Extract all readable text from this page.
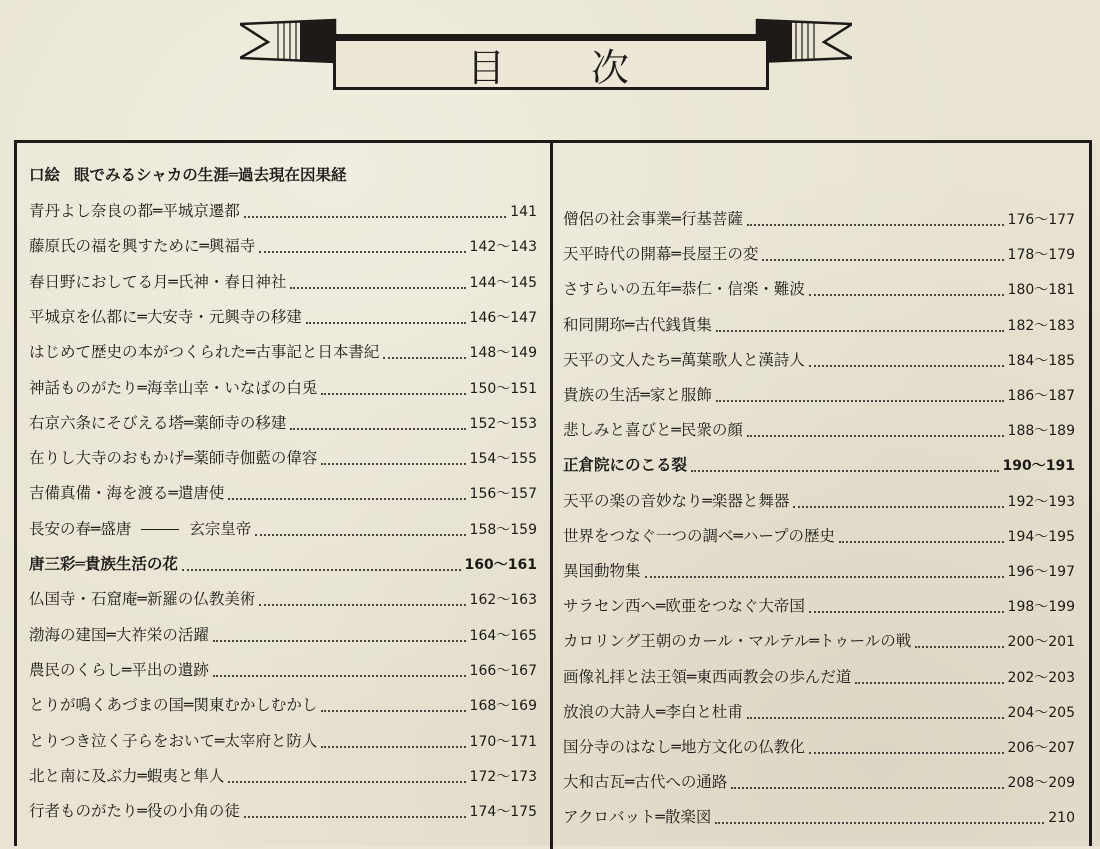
目 次
口絵 眼でみるシャカの生涯═過去現在因果経
青丹よし奈良の都═平城京遷都	141
藤原氏の福を興すために═興福寺	142～143
春日野におしてる月═氏神・春日神社	144～145
平城京を仏都に═大安寺・元興寺の移建	146～147
はじめて歴史の本がつくられた═古事記と日本書紀	148～149
神話ものがたり═海幸山幸・いなばの白兎	150～151
右京六条にそびえる塔═薬師寺の移建	152～153
在りし大寺のおもかげ═薬師寺伽藍の偉容	154～155
吉備真備・海を渡る═遣唐使	156～157
長安の春═盛唐	玄宗皇帝	158～159
唐三彩═貴族生活の花	160～161
仏国寺・石窟庵═新羅の仏教美術	162～163
渤海の建国═大祚栄の活躍	164～165
農民のくらし═平出の遺跡	166～167
とりが鳴くあづまの国═関東むかしむかし	168～169
とりつき泣く子らをおいて═太宰府と防人	170～171
北と南に及ぶ力═蝦夷と隼人	172～173
行者ものがたり═役の小角の徒	174～175
僧侶の社会事業═行基菩薩	176～177
天平時代の開幕═長屋王の変	178～179
さすらいの五年═恭仁・信楽・難波	180～181
和同開珎═古代銭貨集	182～183
天平の文人たち═萬葉歌人と漢詩人	184～185
貴族の生活═家と服飾	186～187
悲しみと喜びと═民衆の顔	188～189
正倉院にのこる裂	190～191
天平の楽の音妙なり═楽器と舞器	192～193
世界をつなぐ一つの調べ═ハープの歴史	194～195
異国動物集	196～197
サラセン西へ═欧亜をつなぐ大帝国	198～199
カロリング王朝のカール・マルテル═トゥールの戦	200～201
画像礼拝と法王領═東西両教会の歩んだ道	202～203
放浪の大詩人═李白と杜甫	204～205
国分寺のはなし═地方文化の仏教化	206～207
大和古瓦═古代への通路	208～209
アクロバット═散楽図	210
